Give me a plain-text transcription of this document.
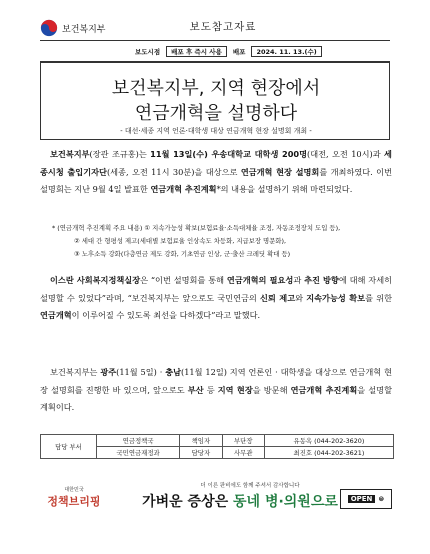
보건복지부	보도참고자료
보도시점	배포 후 즉시 사용	배포	2024. 11. 13.(수)
보건복지부, 지역 현장에서
연금개혁을 설명하다
- 대선·세종 지역 언론·대학생 대상 연금개혁 현장 설명회 개최 -
보건복지부(장관 조규홍)는 11월 13일(수) 우송대학교 대학생 200명(대전, 오전 10시)과 세종시청 출입기자단(세종, 오전 11시 30분)을 대상으로 연금개혁 현장 설명회를 개최하였다. 이번 설명회는 지난 9월 4일 발표한 연금개혁 추진계획*의 내용을 설명하기 위해 마련되었다.
* (연금개혁 추진계획 주요 내용) ① 지속가능성 확보(보험료율·소득대체율 조정, 자동조정장치 도입 등),
② 세대 간 형평성 제고(세대별 보험료율 인상속도 차등화, 지급보장 명문화),
③ 노후소득 강화(다층연금 제도 강화, 기초연금 인상, 군·출산 크레딧 확대 등)
이스란 사회복지정책실장은 “이번 설명회를 통해 연금개혁의 필요성과 추진 방향에 대해 자세히 설명할 수 있었다”라며, “보건복지부는 앞으로도 국민연금의 신뢰 제고와 지속가능성 확보를 위한 연금개혁이 이루어질 수 있도록 최선을 다하겠다”라고 말했다.
보건복지부는 광주(11월 5일) · 충남(11월 12일) 지역 언론인 · 대학생을 대상으로 연금개혁 현장 설명회를 진행한 바 있으며, 앞으로도 부산 등 지역 현장을 방문해 연금개혁 추진계획을 설명할 계획이다.
담당 부서	연금정책국	책임자	부단장	유동옥 (044-202-3620)
	국민연금재정과	담당자	사무관	최진호 (044-202-3621)
대한민국
정책브리핑
더 이른 판비에도 함께 주셔서 감사합니다
가벼운 증상은 동네 병·의원으로	OPEN ⊜
